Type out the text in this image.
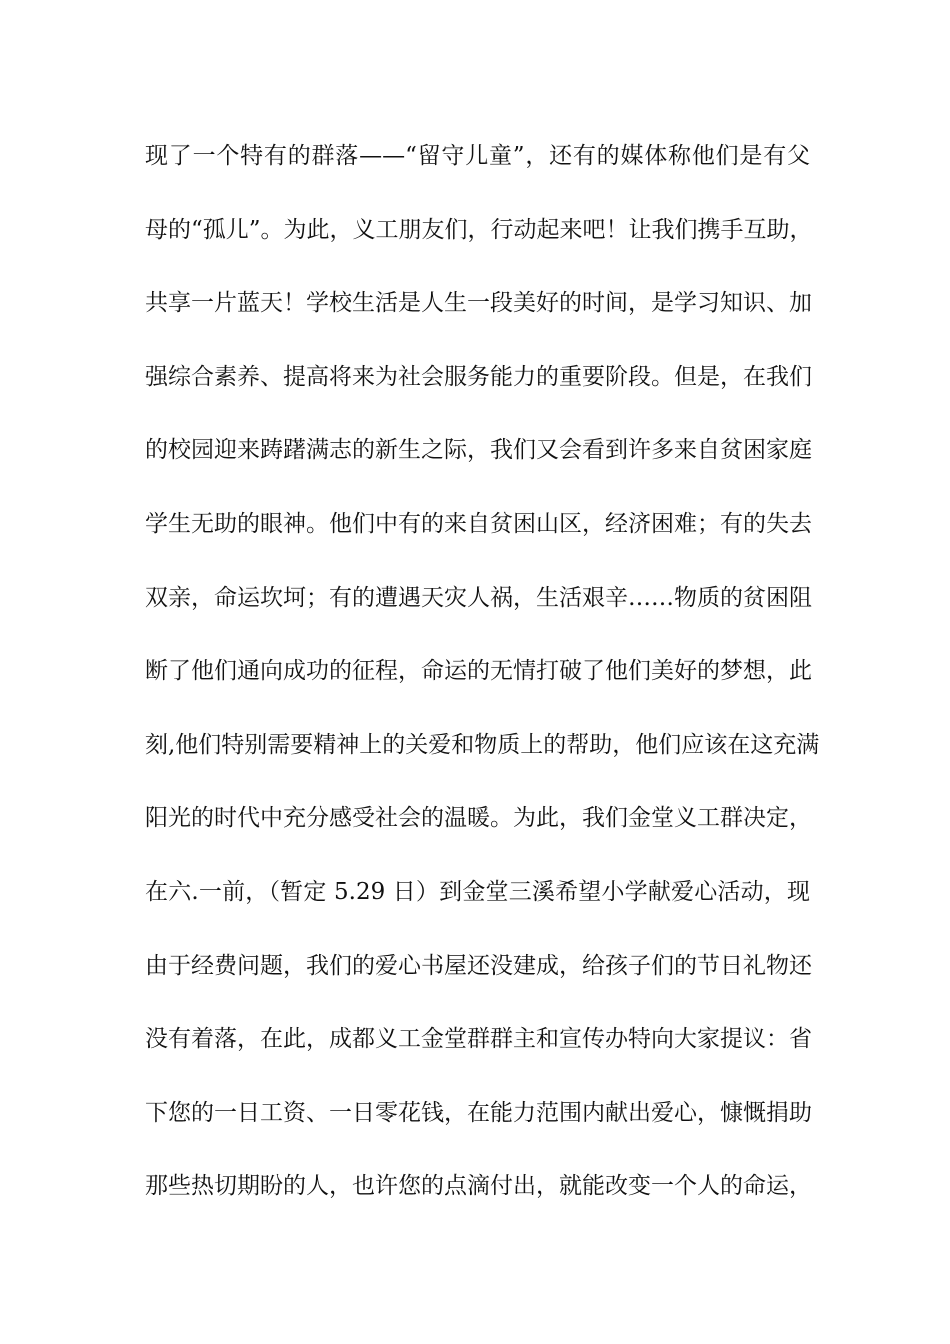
现了一个特有的群落——“留守儿童”，还有的媒体称他们是有父
母的“孤儿”。为此，义工朋友们，行动起来吧！让我们携手互助，
共享一片蓝天！学校生活是人生一段美好的时间，是学习知识、加
强综合素养、提高将来为社会服务能力的重要阶段。但是，在我们
的校园迎来踌躇满志的新生之际，我们又会看到许多来自贫困家庭
学生无助的眼神。他们中有的来自贫困山区，经济困难；有的失去
双亲，命运坎坷；有的遭遇天灾人祸，生活艰辛……物质的贫困阻
断了他们通向成功的征程，命运的无情打破了他们美好的梦想，此
刻,他们特别需要精神上的关爱和物质上的帮助，他们应该在这充满
阳光的时代中充分感受社会的温暖。为此，我们金堂义工群决定，
在六.一前，（暂定 5.29 日）到金堂三溪希望小学献爱心活动，现
由于经费问题，我们的爱心书屋还没建成，给孩子们的节日礼物还
没有着落，在此，成都义工金堂群群主和宣传办特向大家提议：省
下您的一日工资、一日零花钱，在能力范围内献出爱心，慷慨捐助
那些热切期盼的人，也许您的点滴付出，就能改变一个人的命运，
